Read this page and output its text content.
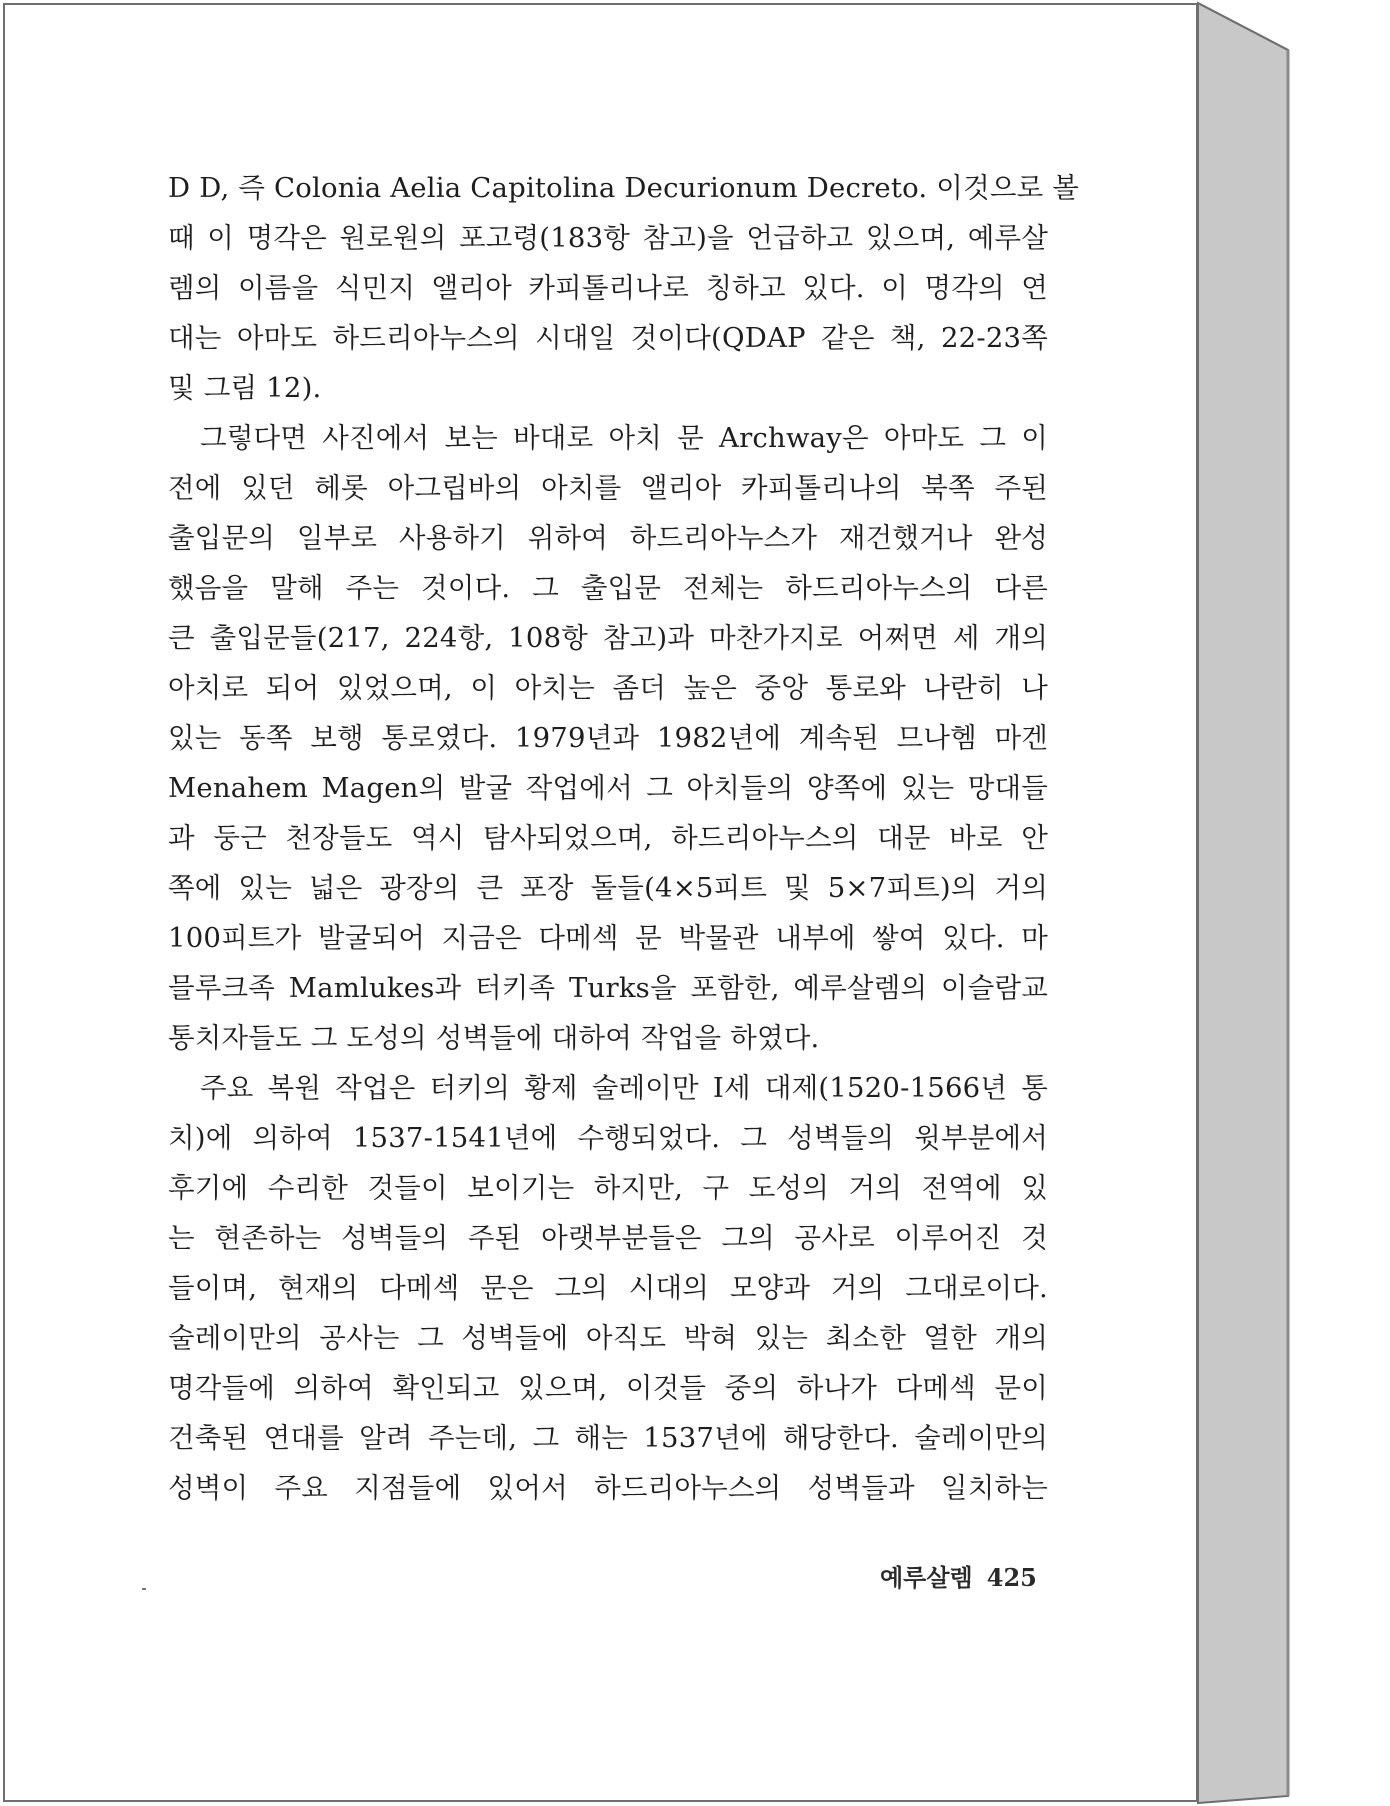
D D, 즉 Colonia Aelia Capitolina Decurionum Decreto. 이것으로 볼
때 이 명각은 원로원의 포고령(183항 참고)을 언급하고 있으며, 예루살
렘의 이름을 식민지 앨리아 카피톨리나로 칭하고 있다. 이 명각의 연
대는 아마도 하드리아누스의 시대일 것이다(QDAP 같은 책, 22-23쪽
및 그림 12).
그렇다면 사진에서 보는 바대로 아치 문 Archway은 아마도 그 이
전에 있던 헤롯 아그립바의 아치를 앨리아 카피톨리나의 북쪽 주된
출입문의 일부로 사용하기 위하여 하드리아누스가 재건했거나 완성
했음을 말해 주는 것이다. 그 출입문 전체는 하드리아누스의 다른
큰 출입문들(217, 224항, 108항 참고)과 마찬가지로 어쩌면 세 개의
아치로 되어 있었으며, 이 아치는 좀더 높은 중앙 통로와 나란히 나
있는 동쪽 보행 통로였다. 1979년과 1982년에 계속된 므나헴 마겐
Menahem Magen의 발굴 작업에서 그 아치들의 양쪽에 있는 망대들
과 둥근 천장들도 역시 탐사되었으며, 하드리아누스의 대문 바로 안
쪽에 있는 넓은 광장의 큰 포장 돌들(4×5피트 및 5×7피트)의 거의
100피트가 발굴되어 지금은 다메섹 문 박물관 내부에 쌓여 있다. 마
믈루크족 Mamlukes과 터키족 Turks을 포함한, 예루살렘의 이슬람교
통치자들도 그 도성의 성벽들에 대하여 작업을 하였다.
주요 복원 작업은 터키의 황제 술레이만 I세 대제(1520-1566년 통
치)에 의하여 1537-1541년에 수행되었다. 그 성벽들의 윗부분에서
후기에 수리한 것들이 보이기는 하지만, 구 도성의 거의 전역에 있
는 현존하는 성벽들의 주된 아랫부분들은 그의 공사로 이루어진 것
들이며, 현재의 다메섹 문은 그의 시대의 모양과 거의 그대로이다.
술레이만의 공사는 그 성벽들에 아직도 박혀 있는 최소한 열한 개의
명각들에 의하여 확인되고 있으며, 이것들 중의 하나가 다메섹 문이
건축된 연대를 알려 주는데, 그 해는 1537년에 해당한다. 술레이만의
성벽이 주요 지점들에 있어서 하드리아누스의 성벽들과 일치하는
예루살렘 425
